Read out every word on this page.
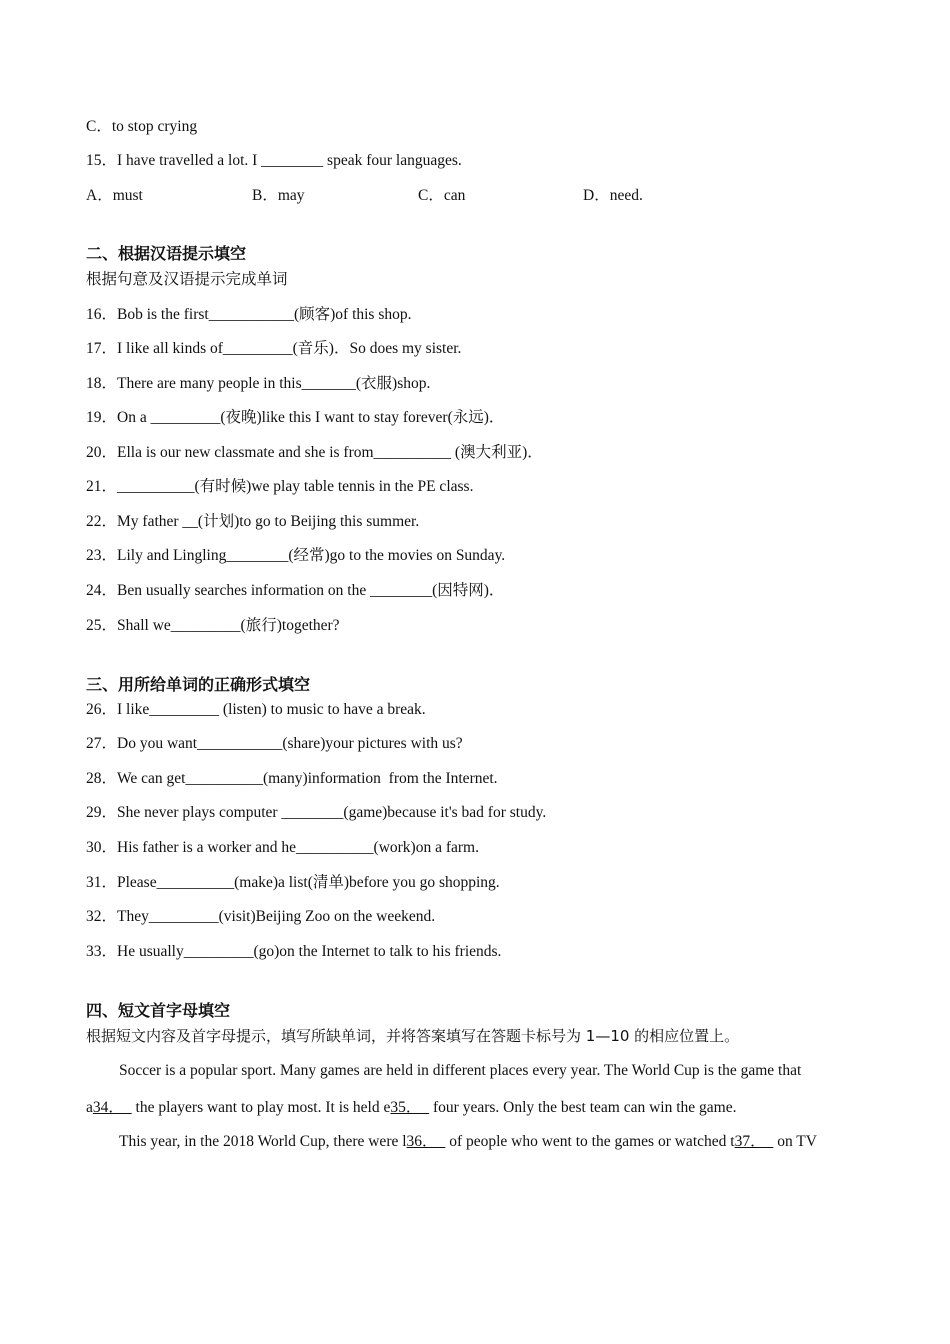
C．to stop crying
15．I have travelled a lot. I ________ speak four languages.
A．must	B．may	C．can	D．need.
二、根据汉语提示填空
根据句意及汉语提示完成单词
16．Bob is the first___________(顾客)of this shop.
17．I like all kinds of_________(音乐)．So does my sister.
18．There are many people in this_______(衣服)shop.
19．On a _________(夜晚)like this I want to stay forever(永远)．
20．Ella is our new classmate and she is from__________ (澳大利亚)．
21．__________(有时候)we play table tennis in the PE class.
22．My father __(计划)to go to Beijing this summer.
23．Lily and Lingling________(经常)go to the movies on Sunday.
24．Ben usually searches information on the ________(因特网)．
25．Shall we_________(旅行)together?
三、用所给单词的正确形式填空
26．I like_________ (listen) to music to have a break.
27．Do you want___________(share)your pictures with us?
28．We can get__________(many)information  from the Internet.
29．She never plays computer ________(game)because it's bad for study.
30．His father is a worker and he__________(work)on a farm.
31．Please__________(make)a list(清单)before you go shopping.
32．They_________(visit)Beijing Zoo on the weekend.
33．He usually_________(go)on the Internet to talk to his friends.
四、短文首字母填空
根据短文内容及首字母提示，填写所缺单词，并将答案填写在答题卡标号为 1—10 的相应位置上。
Soccer is a popular sport. Many games are held in different places every year. The World Cup is the game that
a34．   the players want to play most. It is held e35．   four years. Only the best team can win the game.
This year, in the 2018 World Cup, there were l36．   of people who went to the games or watched t37．   on TV
